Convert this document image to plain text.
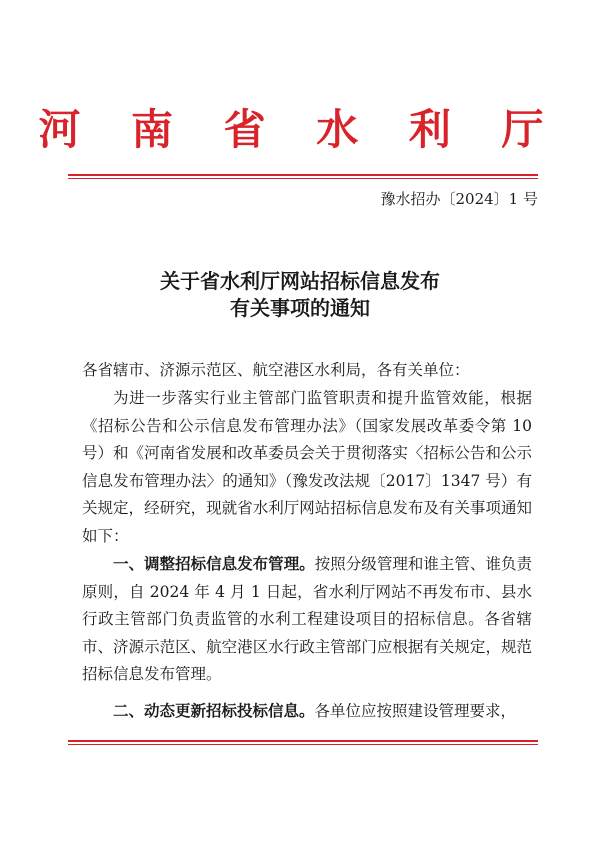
河 南 省 水 利 厅
豫水招办〔2024〕1 号
关于省水利厅网站招标信息发布
有关事项的通知
各省辖市、济源示范区、航空港区水利局，各有关单位：

为进一步落实行业主管部门监管职责和提升监管效能，根据《招标公告和公示信息发布管理办法》（国家发展改革委令第 10 号）和《河南省发展和改革委员会关于贯彻落实〈招标公告和公示信息发布管理办法〉的通知》（豫发改法规〔2017〕1347 号）有关规定，经研究，现就省水利厅网站招标信息发布及有关事项通知如下：

一、调整招标信息发布管理。按照分级管理和谁主管、谁负责原则，自 2024 年 4 月 1 日起，省水利厅网站不再发布市、县水行政主管部门负责监管的水利工程建设项目的招标信息。各省辖市、济源示范区、航空港区水行政主管部门应根据有关规定，规范招标信息发布管理。

二、动态更新招标投标信息。各单位应按照建设管理要求，
